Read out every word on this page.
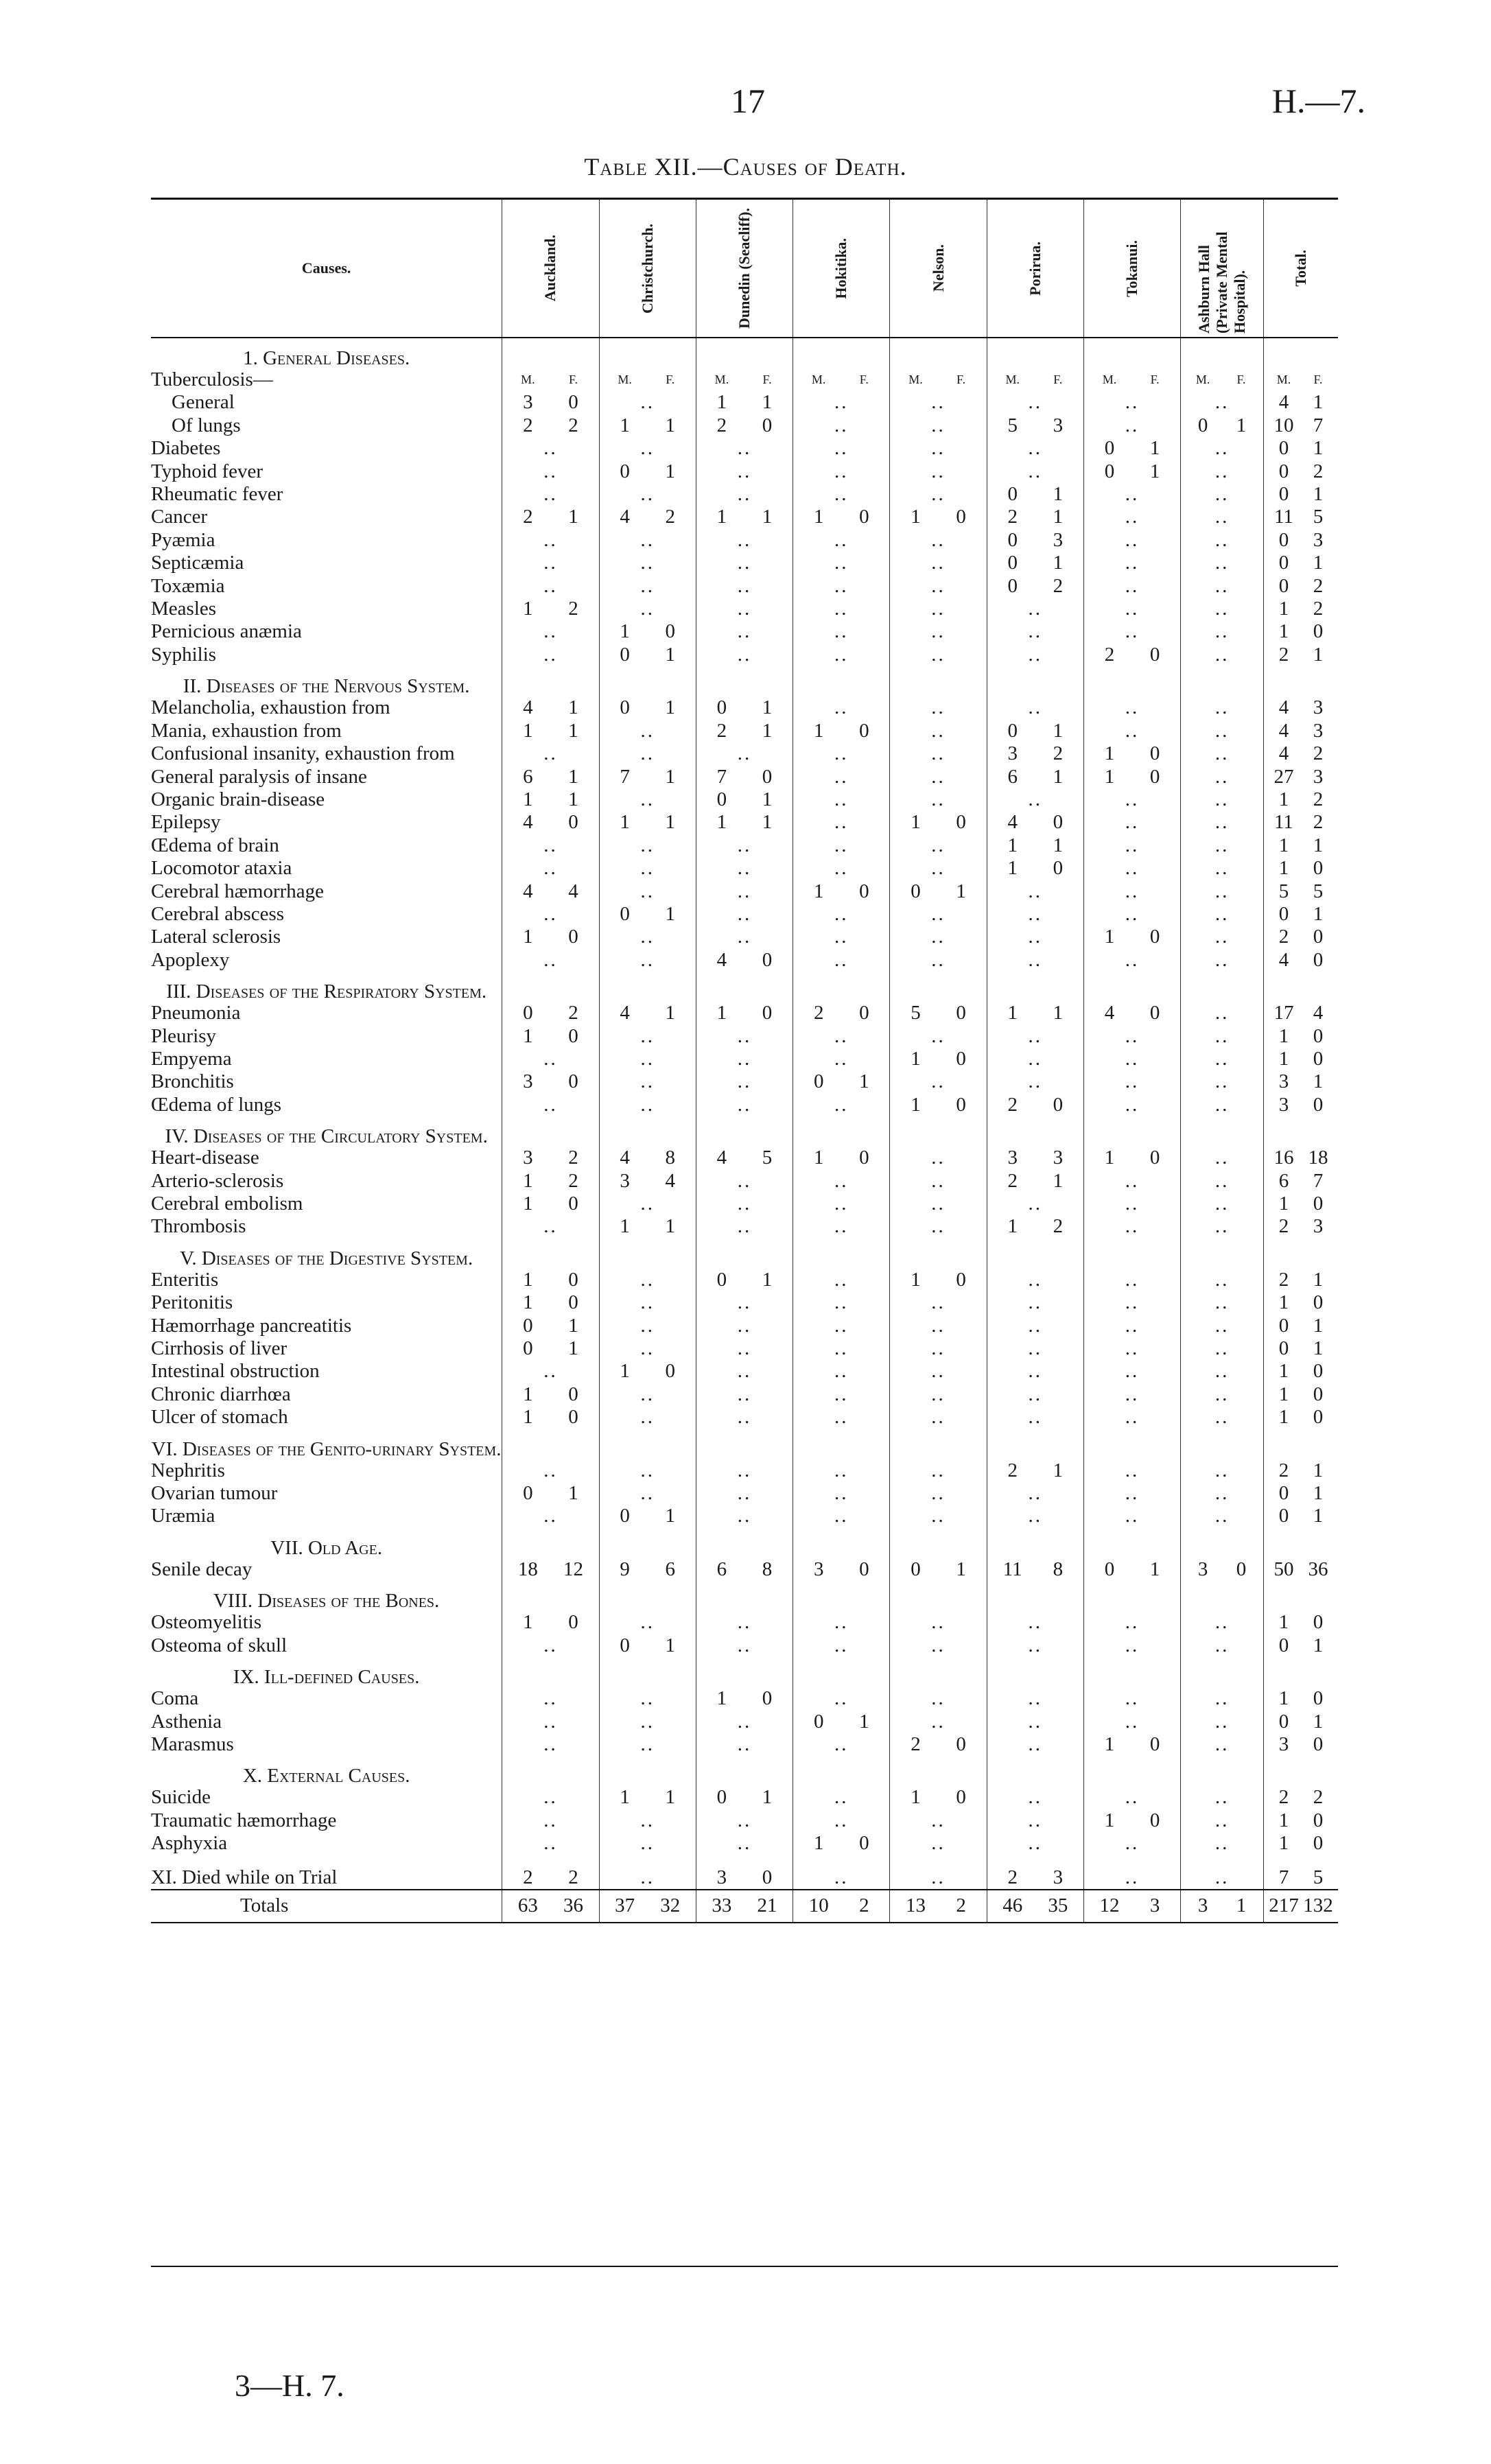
17	H.—7.
Table XII.—Causes of Death.
Causes.	Auckland.	Christchurch.	Dunedin (Seacliff).	Hokitika.	Nelson.	Porirua.	Tokanui.	Ashburn Hall (Private Mental Hospital).	Total.

1. General Diseases.									
Tuberculosis—	M. F.	M. F.	M. F.	M. F.	M. F.	M. F.	M. F.	M. F.	M. F.

General	3 0	..	1 1	..	..	..	..	..	4 1

Of lungs	2 2	1 1	2 0	..	..	5 3	..	0 1	10 7

Diabetes	..	..	..	..	..	..	0 1	..	0 1

Typhoid fever	..	0 1	..	..	..	..	0 1	..	0 2

Rheumatic fever	..	..	..	..	..	0 1	..	..	0 1

Cancer	2 1	4 2	1 1	1 0	1 0	2 1	..	..	11 5

Pyæmia	..	..	..	..	..	0 3	..	..	0 3

Septicæmia	..	..	..	..	..	0 1	..	..	0 1

Toxæmia	..	..	..	..	..	0 2	..	..	0 2

Measles	1 2	..	..	..	..	..	..	..	1 2

Pernicious anæmia	..	1 0	..	..	..	..	..	..	1 0

Syphilis	..	0 1	..	..	..	..	2 0	..	2 1

II. Diseases of the Nervous System.									
Melancholia, exhaustion from	4 1	0 1	0 1	..	..	..	..	..	4 3

Mania, exhaustion from	1 1	..	2 1	1 0	..	0 1	..	..	4 3

Confusional insanity, exhaustion from	..	..	..	..	..	3 2	1 0	..	4 2

General paralysis of insane	6 1	7 1	7 0	..	..	6 1	1 0	..	27 3

Organic brain-disease	1 1	..	0 1	..	..	..	..	..	1 2

Epilepsy	4 0	1 1	1 1	..	1 0	4 0	..	..	11 2

Œdema of brain	..	..	..	..	..	1 1	..	..	1 1

Locomotor ataxia	..	..	..	..	..	1 0	..	..	1 0

Cerebral hæmorrhage	4 4	..	..	1 0	0 1	..	..	..	5 5

Cerebral abscess	..	0 1	..	..	..	..	..	..	0 1

Lateral sclerosis	1 0	..	..	..	..	..	1 0	..	2 0

Apoplexy	..	..	4 0	..	..	..	..	..	4 0

III. Diseases of the Respiratory System.									
Pneumonia	0 2	4 1	1 0	2 0	5 0	1 1	4 0	..	17 4

Pleurisy	1 0	..	..	..	..	..	..	..	1 0

Empyema	..	..	..	..	1 0	..	..	..	1 0

Bronchitis	3 0	..	..	0 1	..	..	..	..	3 1

Œdema of lungs	..	..	..	..	1 0	2 0	..	..	3 0

IV. Diseases of the Circulatory System.									
Heart-disease	3 2	4 8	4 5	1 0	..	3 3	1 0	..	16 18

Arterio-sclerosis	1 2	3 4	..	..	..	2 1	..	..	6 7

Cerebral embolism	1 0	..	..	..	..	..	..	..	1 0

Thrombosis	..	1 1	..	..	..	1 2	..	..	2 3

V. Diseases of the Digestive System.									
Enteritis	1 0	..	0 1	..	1 0	..	..	..	2 1

Peritonitis	1 0	..	..	..	..	..	..	..	1 0

Hæmorrhage pancreatitis	0 1	..	..	..	..	..	..	..	0 1

Cirrhosis of liver	0 1	..	..	..	..	..	..	..	0 1

Intestinal obstruction	..	1 0	..	..	..	..	..	..	1 0

Chronic diarrhœa	1 0	..	..	..	..	..	..	..	1 0

Ulcer of stomach	1 0	..	..	..	..	..	..	..	1 0

VI. Diseases of the Genito-urinary System.									
Nephritis	..	..	..	..	..	2 1	..	..	2 1

Ovarian tumour	0 1	..	..	..	..	..	..	..	0 1

Uræmia	..	0 1	..	..	..	..	..	..	0 1

VII. Old Age.									
Senile decay	18 12	9 6	6 8	3 0	0 1	11 8	0 1	3 0	50 36

VIII. Diseases of the Bones.									
Osteomyelitis	1 0	..	..	..	..	..	..	..	1 0

Osteoma of skull	..	0 1	..	..	..	..	..	..	0 1

IX. Ill-defined Causes.									
Coma	..	..	1 0	..	..	..	..	..	1 0

Asthenia	..	..	..	0 1	..	..	..	..	0 1

Marasmus	..	..	..	..	2 0	..	1 0	..	3 0

X. External Causes.									
Suicide	..	1 1	0 1	..	1 0	..	..	..	2 2

Traumatic hæmorrhage	..	..	..	..	..	..	1 0	..	1 0

Asphyxia	..	..	..	1 0	..	..	..	..	1 0

XI. Died while on Trial	2 2	..	3 0	..	..	2 3	..	..	7 5

Totals	63 36	37 32	33 21	10 2	13 2	46 35	12 3	3 1	217 132
3—H. 7.
